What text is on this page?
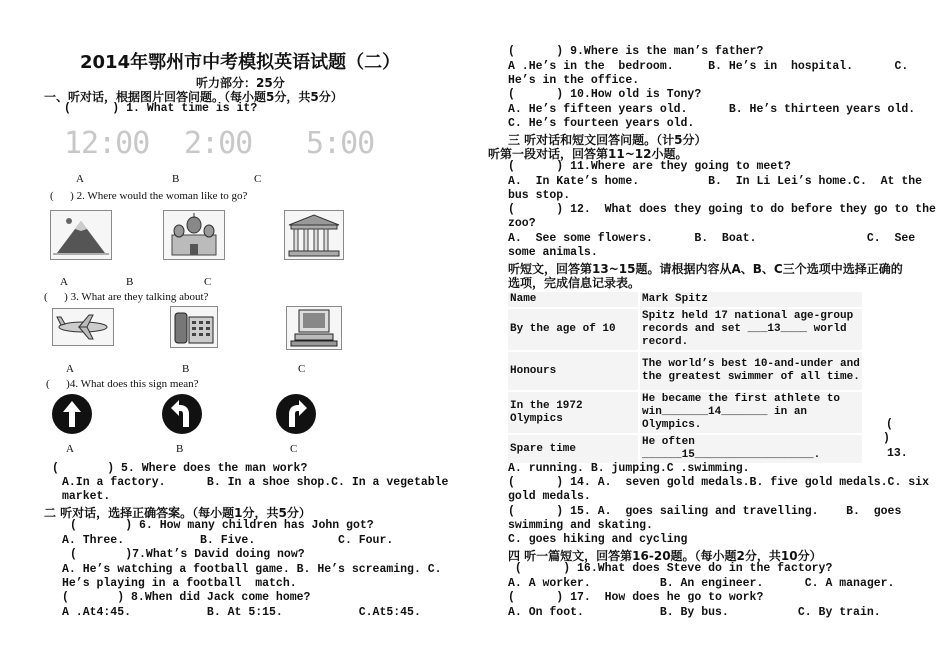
2014年鄂州市中考模拟英语试题（二）
听力部分：25分
一、听对话，根据图片回答问题。（每小题5分，共5分）
(      ) 1. What time is it?
12:00 2:00 5:00
A	B	C
(      ) 2. Where would the woman like to go?
A	B	C
(      ) 3. What are they talking about?
A	B	C
(      )4. What does this sign mean?
A	B	C
(       ) 5. Where does the man work?
A.In a factory.      B. In a shoe shop.C. In a vegetable
market.
二 听对话，选择正确答案。（每小题1分，共5分）
(       ) 6. How many children has John got?
A. Three.           B. Five.            C. Four.
(       )7.What’s David doing now?
A. He’s watching a football game. B. He’s screaming. C.
He’s playing in a football  match.
(       ) 8.When did Jack come home?
A .At4:45.           B. At 5:15.           C.At5:45.
(      ) 9.Where is the man’s father?
A .He’s in the  bedroom.     B. He’s in  hospital.      C.
He’s in the office.
(      ) 10.How old is Tony?
A. He’s fifteen years old.      B. He’s thirteen years old.
C. He’s fourteen years old.
三 听对话和短文回答问题。（计5分）
听第一段对话，回答第11~12小题。
(      ) 11.Where are they going to meet?
A.  In Kate’s home.          B.  In Li Lei’s home.C.  At the
bus stop.
(      ) 12.  What does they going to do before they go to the
zoo?
A.  See some flowers.      B.  Boat.                C.  See
some animals.
听短文，回答第13~15题。请根据内容从A、B、C三个选项中选择正确的
选项，完成信息记录表。
Name	Mark Spitz
By the age of 10	Spitz held 17 national age-group records and set ___13____ world record.
Honours	The world’s best 10-and-under and the greatest swimmer of all time.
In the 1972 Olympics	He became the first athlete to win_______14_______ in an Olympics.
Spare time	He often ______15__________________.
(
)
13.
A. running. B. jumping.C .swimming.
(      ) 14. A.  seven gold medals.B. five gold medals.C. six
gold medals.
(      ) 15. A.  goes sailing and travelling.    B.  goes
swimming and skating.
C. goes hiking and cycling
四 听一篇短文，回答第16-20题。（每小题2分，共10分）
(      ) 16.What does Steve do in the factory?
A. A worker.          B. An engineer.      C. A manager.
(      ) 17.  How does he go to work?
A. On foot.           B. By bus.          C. By train.
